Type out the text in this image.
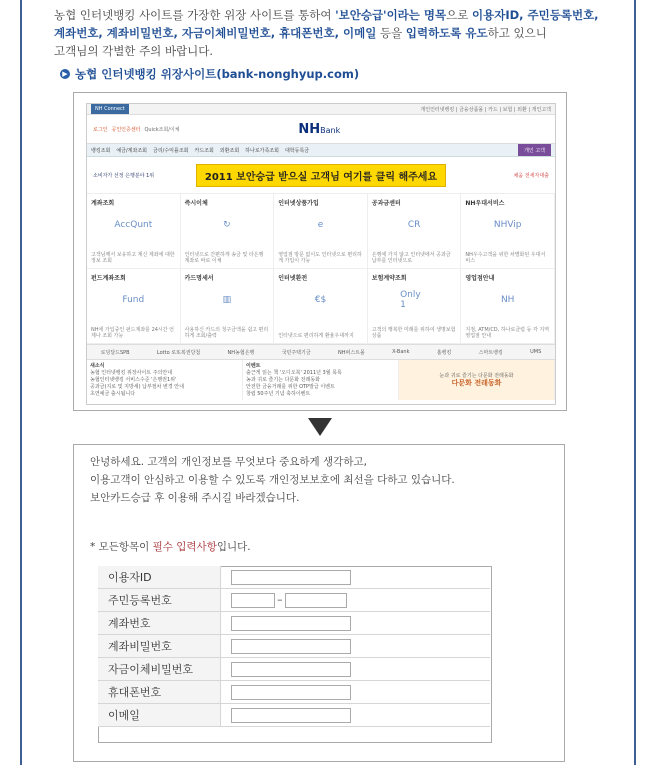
농협 인터넷뱅킹 사이트를 가장한 위장 사이트를 통하여 '보안승급'이라는 명목으로 이용자ID, 주민등록번호,
계좌번호, 계좌비밀번호, 자금이체비밀번호, 휴대폰번호, 이메일 등을 입력하도록 유도하고 있으니
고객님의 각별한 주의 바랍니다.
▶ 농협 인터넷뱅킹 위장사이트(bank-nonghyup.com)
NH Connect	개인인터넷뱅킹 | 금융상품몰 | 카드 | 보험 | 외환 | 개인고객
로그인 공인인증센터 Quick조회/이체	NHBank
뱅킹조회 예금/계좌조회 금리/수익률조회 카드조회 외환조회 하나로가족조회 대학등록금	개인 고객
소비자가 선정 은행분야 1위	2011 보안승급 받으실 고객님 여기를 클릭 해주세요	채움 전세자대출
계좌조회
AccQunt
고객님께서 보유하고 계신 계좌에 대한 정보 조회
즉시이체
↻
인터넷으로 간편하게 송금 및 타은행 계좌로 바로 이체
인터넷상품가입
e
영업점 방문 없이도 인터넷으로 편리하게 가입이 가능
공과금센터
CR
은행에 가지 않고 인터넷에서 공과금 납부를 인터넷으로
NH우대서비스
NHVip
NH우수고객을 위한 차별화된 우대서비스
펀드계좌조회
Fund
NH에 가입중인 펀드계좌를 24시간 언제나 조회 가능
카드명세서
▥
사용하신 카드의 청구금액을 쉽고 편리하게 조회/출력
인터넷환전
€$
인터넷으로 편리하게 환율우대까지
보험계약조회
Only 1
고객의 행복한 미래를 위하여 생명보험 상품
영업점안내
NH
지점, ATM/CD, 하나로클럽 등 각 지역 영업점 안내
로딩달드SPB	Lotto 로또복권당첨	NH농협은행	국민주택기금	NH퍼스트몰	X-Bank	홈뱅킹	스마트뱅킹	UMS
새소식
농협 인터넷뱅킹 위장사이트 주의안내
농협인터넷뱅킹 서비스수준 '은행권1위'
공과금(지로 및 지방세) 납부절차 변경 안내
초연예금 출시됩니다
이벤트
출근게 읽는 책 '오디오북' 2011년 3월 목록
농과 귀로 즐기는 다문화 전래동화
안전한 금융거래를 위한 OTP발급 이벤트
창립 50주년 기념 축하이벤트
눈과 귀로 즐기는 다문화 전래동화
다문화 전래동화
안녕하세요. 고객의 개인정보를 무엇보다 중요하게 생각하고,
이용고객이 안심하고 이용할 수 있도록 개인정보보호에 최선을 다하고 있습니다.
보안카드승급 후 이용해 주시길 바라겠습니다.
* 모든항목이 필수 입력사항입니다.
이용자ID	
주민등록번호	–
계좌번호	
계좌비밀번호	
자금이체비밀번호	
휴대폰번호	
이메일	
